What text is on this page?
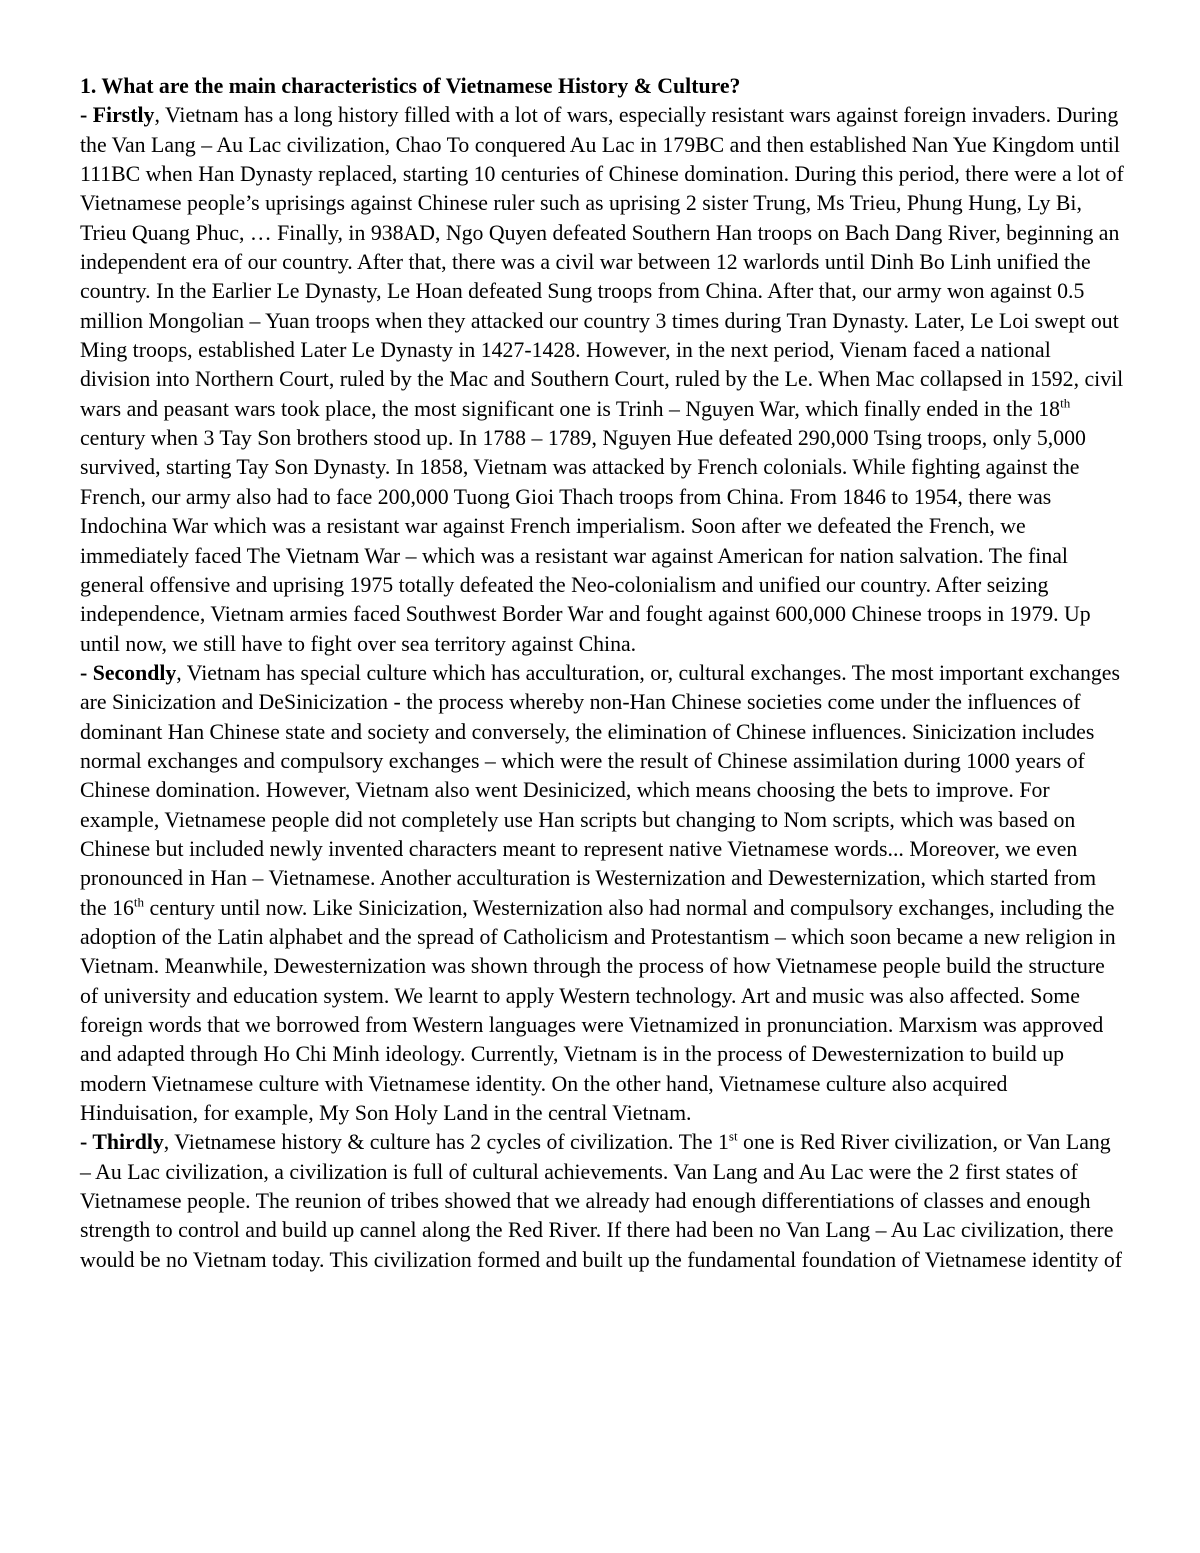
1. What are the main characteristics of Vietnamese History & Culture?

- Firstly, Vietnam has a long history filled with a lot of wars, especially resistant wars against foreign invaders. During the Van Lang – Au Lac civilization, Chao To conquered Au Lac in 179BC and then established Nan Yue Kingdom until 111BC when Han Dynasty replaced, starting 10 centuries of Chinese domination. During this period, there were a lot of Vietnamese people’s uprisings against Chinese ruler such as uprising 2 sister Trung, Ms Trieu, Phung Hung, Ly Bi, Trieu Quang Phuc, … Finally, in 938AD, Ngo Quyen defeated Southern Han troops on Bach Dang River, beginning an independent era of our country. After that, there was a civil war between 12 warlords until Dinh Bo Linh unified the country. In the Earlier Le Dynasty, Le Hoan defeated Sung troops from China. After that, our army won against 0.5 million Mongolian – Yuan troops when they attacked our country 3 times during Tran Dynasty. Later, Le Loi swept out Ming troops, established Later Le Dynasty in 1427-1428. However, in the next period, Vienam faced a national division into Northern Court, ruled by the Mac and Southern Court, ruled by the Le. When Mac collapsed in 1592, civil wars and peasant wars took place, the most significant one is Trinh – Nguyen War, which finally ended in the 18th century when 3 Tay Son brothers stood up. In 1788 – 1789, Nguyen Hue defeated 290,000 Tsing troops, only 5,000 survived, starting Tay Son Dynasty. In 1858, Vietnam was attacked by French colonials. While fighting against the French, our army also had to face 200,000 Tuong Gioi Thach troops from China. From 1846 to 1954, there was Indochina War which was a resistant war against French imperialism. Soon after we defeated the French, we immediately faced The Vietnam War – which was a resistant war against American for nation salvation. The final general offensive and uprising 1975 totally defeated the Neo-colonialism and unified our country. After seizing independence, Vietnam armies faced Southwest Border War and fought against 600,000 Chinese troops in 1979. Up until now, we still have to fight over sea territory against China.

- Secondly, Vietnam has special culture which has acculturation, or, cultural exchanges. The most important exchanges are Sinicization and DeSinicization - the process whereby non-Han Chinese societies come under the influences of dominant Han Chinese state and society and conversely, the elimination of Chinese influences. Sinicization includes normal exchanges and compulsory exchanges – which were the result of Chinese assimilation during 1000 years of Chinese domination. However, Vietnam also went Desinicized, which means choosing the bets to improve. For example, Vietnamese people did not completely use Han scripts but changing to Nom scripts, which was based on Chinese but included newly invented characters meant to represent native Vietnamese words... Moreover, we even pronounced in Han – Vietnamese. Another acculturation is Westernization and Dewesternization, which started from the 16th century until now. Like Sinicization, Westernization also had normal and compulsory exchanges, including the adoption of the Latin alphabet and the spread of Catholicism and Protestantism – which soon became a new religion in Vietnam. Meanwhile, Dewesternization was shown through the process of how Vietnamese people build the structure of university and education system. We learnt to apply Western technology. Art and music was also affected. Some foreign words that we borrowed from Western languages were Vietnamized in pronunciation. Marxism was approved and adapted through Ho Chi Minh ideology. Currently, Vietnam is in the process of Dewesternization to build up modern Vietnamese culture with Vietnamese identity. On the other hand, Vietnamese culture also acquired Hinduisation, for example, My Son Holy Land in the central Vietnam.

- Thirdly, Vietnamese history & culture has 2 cycles of civilization. The 1st one is Red River civilization, or Van Lang – Au Lac civilization, a civilization is full of cultural achievements. Van Lang and Au Lac were the 2 first states of Vietnamese people. The reunion of tribes showed that we already had enough differentiations of classes and enough strength to control and build up cannel along the Red River. If there had been no Van Lang – Au Lac civilization, there would be no Vietnam today. This civilization formed and built up the fundamental foundation of Vietnamese identity of
